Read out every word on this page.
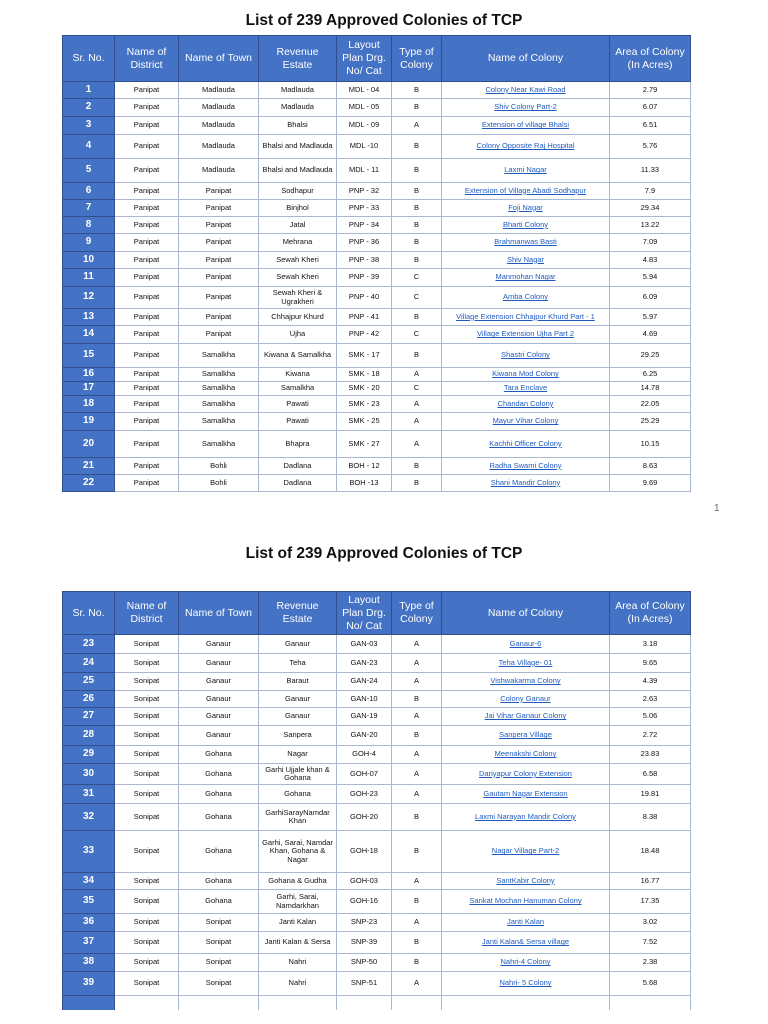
List of 239 Approved Colonies of TCP
Sr. No.	Name of District	Name of Town	Revenue Estate	Layout Plan Drg. No/ Cat	Type of Colony	Name of Colony	Area of Colony (In Acres)
1	Panipat	Madlauda	Madlauda	MDL - 04	B	Colony Near Kawi Road	2.79
2	Panipat	Madlauda	Madlauda	MDL - 05	B	Shiv Colony Part-2	6.07
3	Panipat	Madlauda	Bhalsi	MDL - 09	A	Extension of village Bhalsi	6.51
4	Panipat	Madlauda	Bhalsi and Madlauda	MDL -10	B	Colony Opposite Raj Hospital	5.76
5	Panipat	Madlauda	Bhalsi and Madlauda	MDL - 11	B	Laxmi Nagar	11.33
6	Panipat	Panipat	Sodhapur	PNP - 32	B	Extension of Village Abadi Sodhapur	7.9
7	Panipat	Panipat	Binjhol	PNP - 33	B	Foji Nagar	29.34
8	Panipat	Panipat	Jatal	PNP - 34	B	Bharti Colony	13.22
9	Panipat	Panipat	Mehrana	PNP - 36	B	Brahmanwas Basti	7.09
10	Panipat	Panipat	Sewah Kheri	PNP - 38	B	Shiv Nagar	4.83
11	Panipat	Panipat	Sewah Kheri	PNP - 39	C	Manmohan Nagar	5.94
12	Panipat	Panipat	Sewah Kheri & Ugrakheri	PNP - 40	C	Amba Colony	6.09
13	Panipat	Panipat	Chhajpur Khurd	PNP - 41	B	Village Extension Chhajpur Khurd Part - 1	5.97
14	Panipat	Panipat	Ujha	PNP - 42	C	Village Extension Ujha Part 2	4.69
15	Panipat	Samalkha	Kiwana & Samalkha	SMK - 17	B	Shastri Colony	29.25
16	Panipat	Samalkha	Kiwana	SMK - 18	A	Kiwana Mod Colony	6.25
17	Panipat	Samalkha	Samalkha	SMK - 20	C	Tara Enclave	14.78
18	Panipat	Samalkha	Pawati	SMK - 23	A	Chandan Colony	22.05
19	Panipat	Samalkha	Pawati	SMK - 25	A	Mayur Vihar Colony	25.29
20	Panipat	Samalkha	Bhapra	SMK - 27	A	Kachhi Officer Colony	10.15
21	Panipat	Bohli	Dadlana	BOH - 12	B	Radha Swami Colony	8.63
22	Panipat	Bohli	Dadlana	BOH -13	B	Shani Mandir Colony	9.69
1
List of 239 Approved Colonies of TCP
Sr. No.	Name of District	Name of Town	Revenue Estate	Layout Plan Drg. No/ Cat	Type of Colony	Name of Colony	Area of Colony (In Acres)
23	Sonipat	Ganaur	Ganaur	GAN-03	A	Ganaur-6	3.18
24	Sonipat	Ganaur	Teha	GAN-23	A	Teha Village- 01	9.65
25	Sonipat	Ganaur	Baraut	GAN-24	A	Vishwakarma Colony	4.39
26	Sonipat	Ganaur	Ganaur	GAN-10	B	Colony Ganaur	2.63
27	Sonipat	Ganaur	Ganaur	GAN-19	A	Jai Vihar Ganaur Colony	5.06
28	Sonipat	Ganaur	Sanpera	GAN-20	B	Sanpera Village	2.72
29	Sonipat	Gohana	Nagar	GOH-4	A	Meenakshi Colony	23.83
30	Sonipat	Gohana	Garhi Ujjale khan & Gohana	GOH-07	A	Dariyapur Colony Extension	6.58
31	Sonipat	Gohana	Gohana	GOH-23	A	Gautam Nagar Extension	19.81
32	Sonipat	Gohana	GarhiSarayNamdar Khan	GOH-20	B	Laxmi Narayan Mandir Colony	8.38
33	Sonipat	Gohana	Garhi, Sarai, Namdar Khan, Gohana & Nagar	GOH-18	B	Nagar Village Part-2	18.48
34	Sonipat	Gohana	Gohana & Gudha	GOH-03	A	SantKabir Colony	16.77
35	Sonipat	Gohana	Garhi, Sarai, Namdarkhan	GOH-16	B	Sankat Mochan Hanuman Colony	17.35
36	Sonipat	Sonipat	Janti Kalan	SNP-23	A	Janti Kalan	3.02
37	Sonipat	Sonipat	Janti Kalan & Sersa	SNP-39	B	Janti Kalan& Sersa village	7.52
38	Sonipat	Sonipat	Nahri	SNP-50	B	Nahri-4 Colony	2.38
39	Sonipat	Sonipat	Nahri	SNP-51	A	Nahri- 5 Colony	5.68
